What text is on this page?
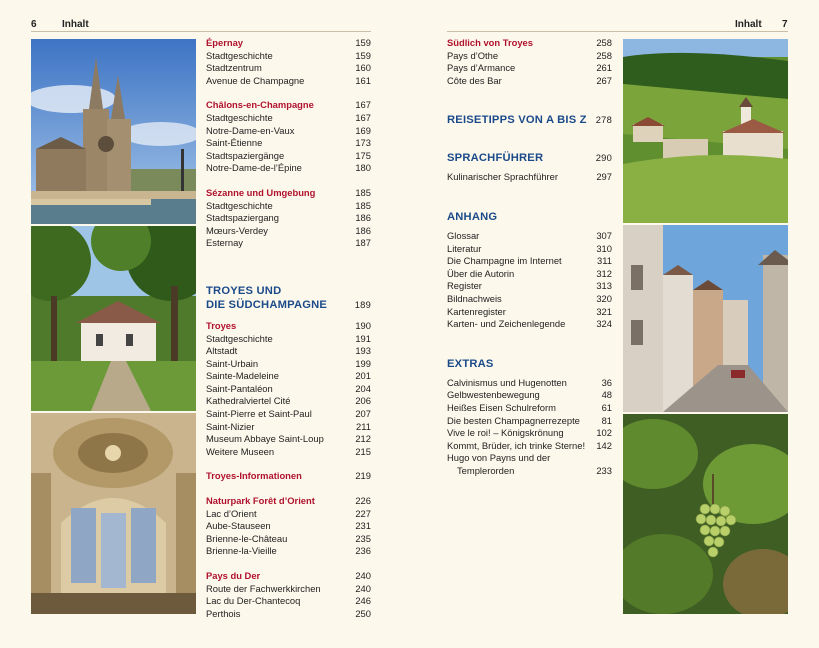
6	Inhalt	Inhalt 7
Épernay	159
Stadtgeschichte	159
Stadtzentrum	160
Avenue de Champagne	161
Châlons-en-Champagne	167
Stadtgeschichte	167
Notre-Dame-en-Vaux	169
Saint-Étienne	173
Stadtspaziergänge	175
Notre-Dame-de-l’Épine	180
Sézanne und Umgebung	185
Stadtgeschichte	185
Stadtspaziergang	186
Mœurs-Verdey	186
Esternay	187
TROYES UND
DIE SÜDCHAMPAGNE	189
Troyes	190
Stadtgeschichte	191
Altstadt	193
Saint-Urbain	199
Sainte-Madeleine	201
Saint-Pantaléon	204
Kathedralviertel Cité	206
Saint-Pierre et Saint-Paul	207
Saint-Nizier	211
Museum Abbaye Saint-Loup	212
Weitere Museen	215
Troyes-Informationen	219
Naturpark Forêt d’Orient	226
Lac d’Orient	227
Aube-Stauseen	231
Brienne-le-Château	235
Brienne-la-Vieille	236
Pays du Der	240
Route der Fachwerkkirchen	240
Lac du Der-Chantecoq	246
Perthois	250
Südlich von Troyes	258
Pays d’Othe	258
Pays d’Armance	261
Côte des Bar	267
REISETIPPS VON A BIS Z 278
SPRACHFÜHRER	290
Kulinarischer Sprachführer	297
ANHANG
Glossar	307
Literatur	310
Die Champagne im Internet	311
Über die Autorin	312
Register	313
Bildnachweis	320
Kartenregister	321
Karten- und Zeichenlegende	324
EXTRAS
Calvinismus und Hugenotten	36
Gelbwestenbewegung	48
Heißes Eisen Schulreform	61
Die besten Champagnerrezepte	81
Vive le roi! – Königskrönung	102
Kommt, Brüder, ich trinke Sterne!	142
Hugo von Payns und der
Templerorden	233
